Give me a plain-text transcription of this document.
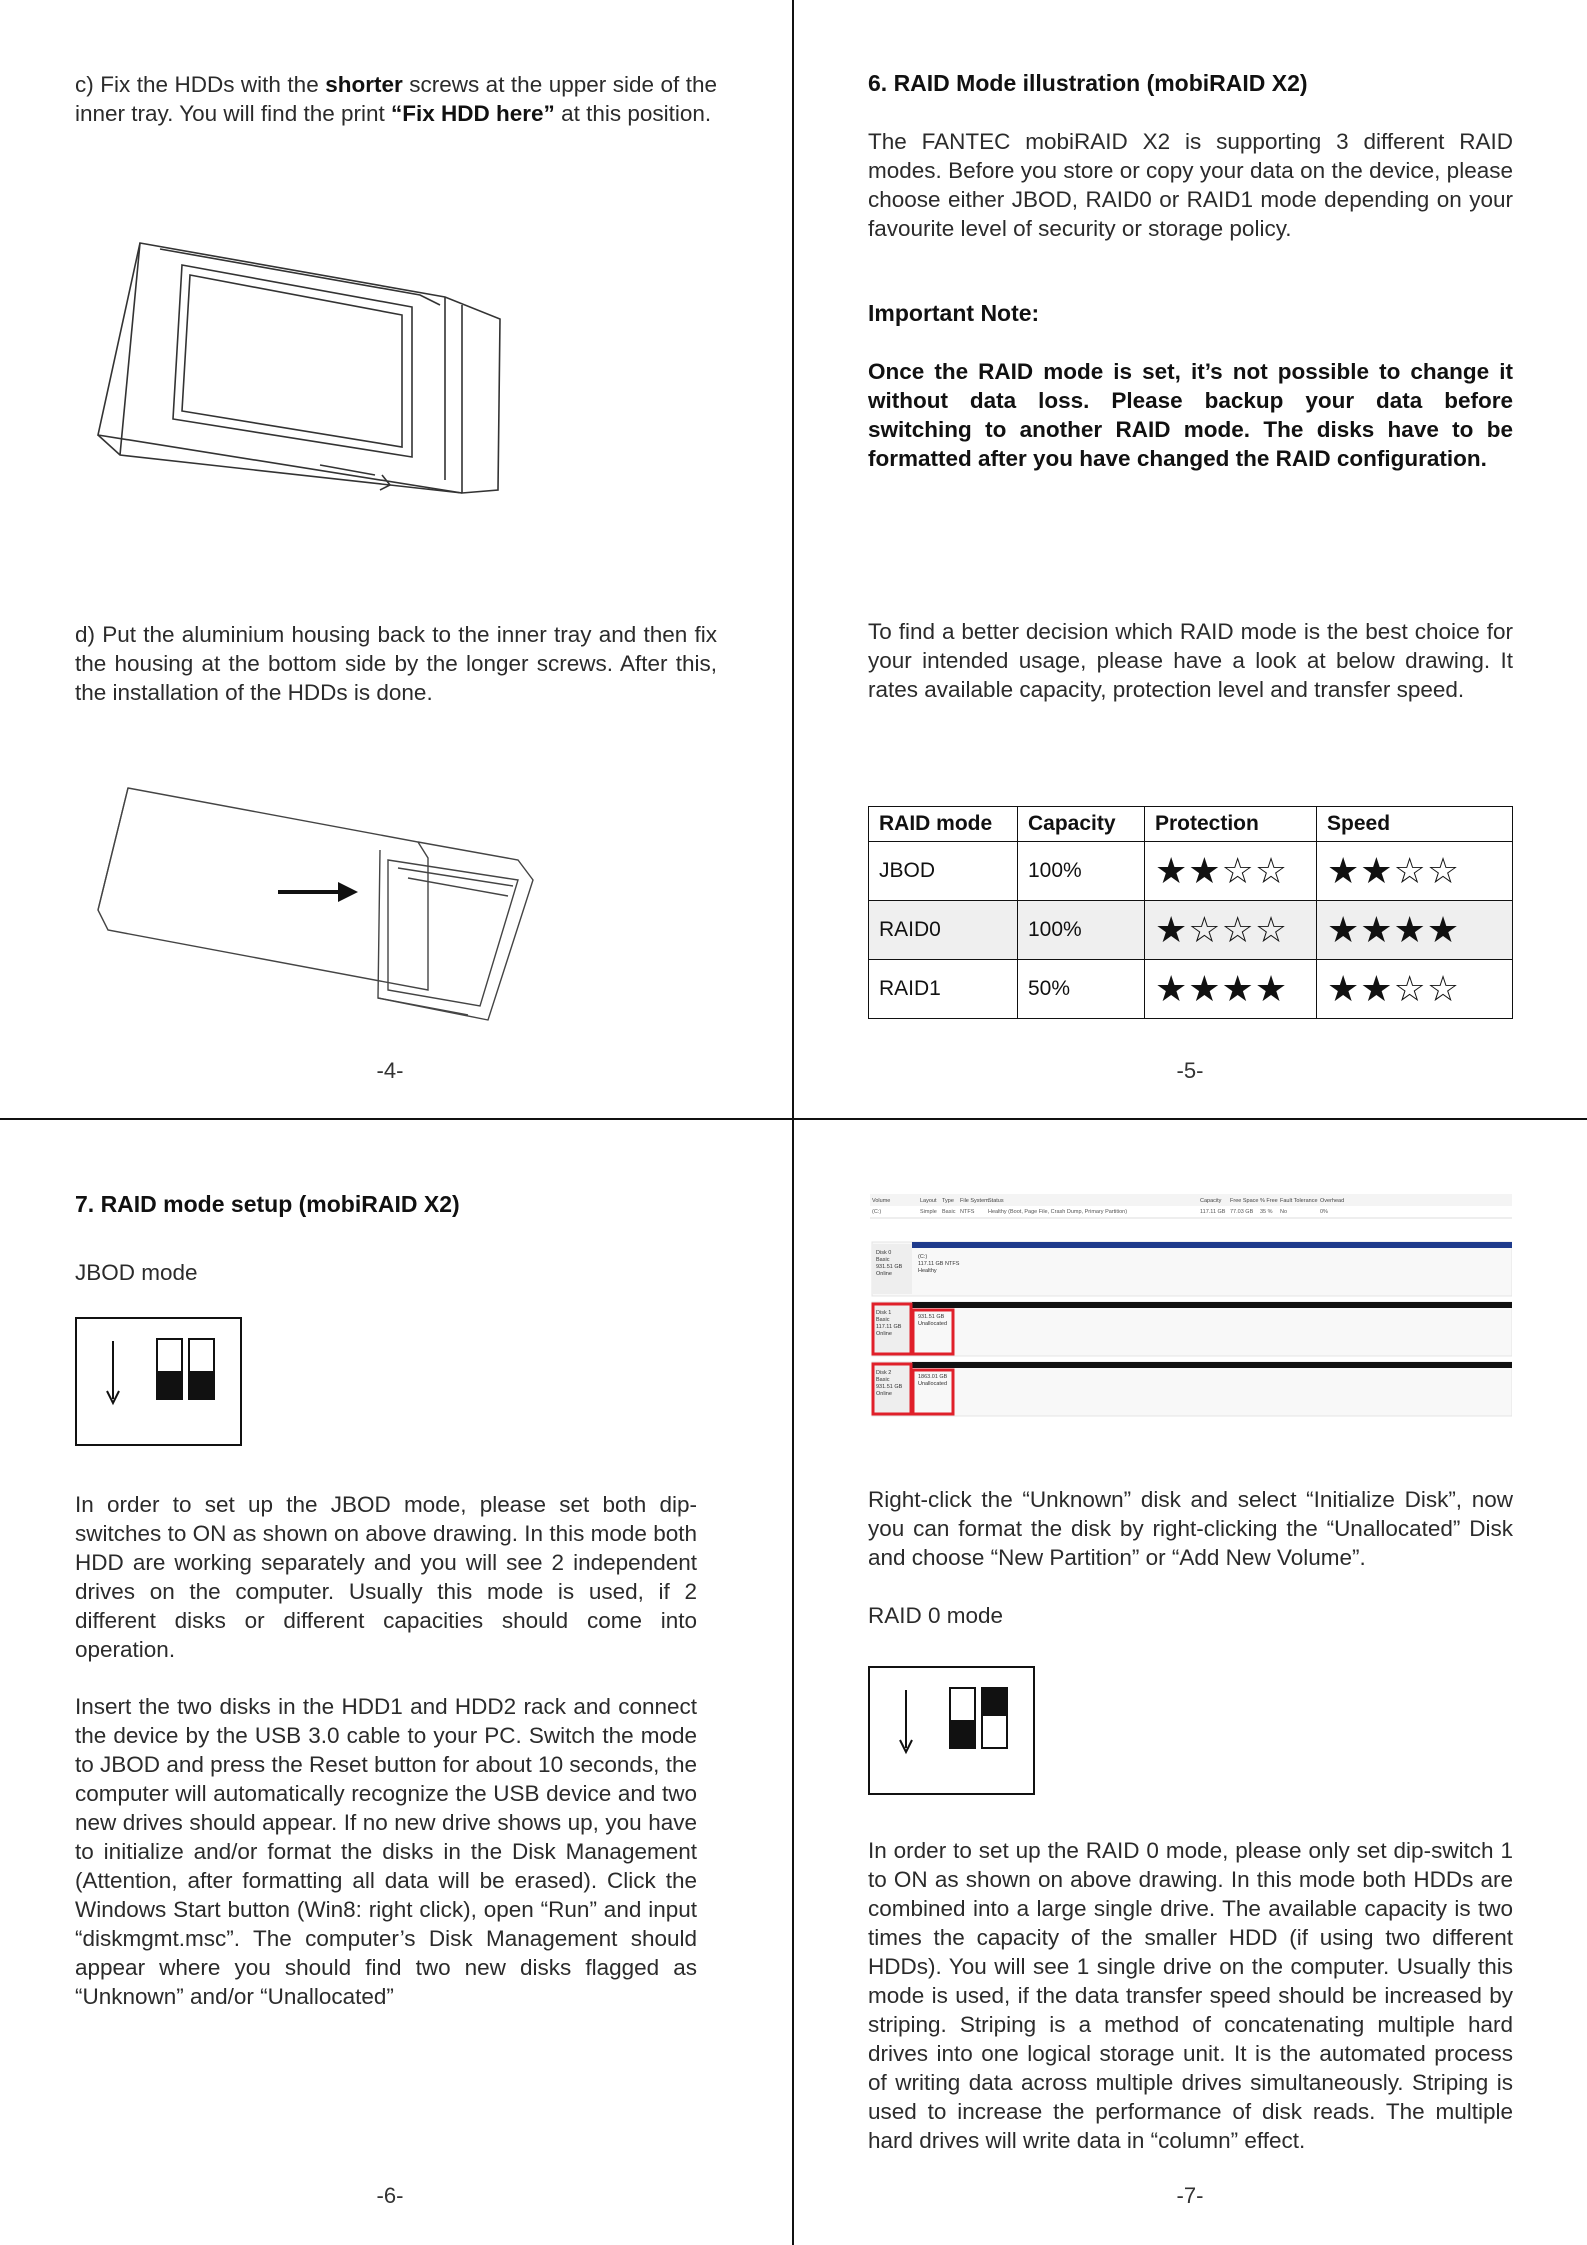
c) Fix the HDDs with the shorter screws at the upper side of the inner tray. You will find the print “Fix HDD here” at this position.
d) Put the aluminium housing back to the inner tray and then fix the housing at the bottom side by the longer screws. After this, the installation of the HDDs is done.
-4-
6. RAID Mode illustration (mobiRAID X2)
The FANTEC mobiRAID X2 is supporting 3 different RAID modes. Before you store or copy your data on the device, please choose either JBOD, RAID0 or RAID1 mode depending on your favourite level of security or storage policy.
Important Note:
Once the RAID mode is set, it’s not possible to change it without data loss. Please backup your data before switching to another RAID mode. The disks have to be formatted after you have changed the RAID configuration.
To find a better decision which RAID mode is the best choice for your intended usage, please have a look at below drawing. It rates available capacity, protection level and transfer speed.
RAID mode	Capacity	Protection	Speed
JBOD	100%	★★☆☆	★★☆☆
RAID0	100%	★☆☆☆	★★★★
RAID1	50%	★★★★	★★☆☆
-5-
7. RAID mode setup (mobiRAID X2)
JBOD mode
In order to set up the JBOD mode, please set both dip-switches to ON as shown on above drawing. In this mode both HDD are working separately and you will see 2 independent drives on the computer. Usually this mode is used, if 2 different disks or different capacities should come into operation.
Insert the two disks in the HDD1 and HDD2 rack and connect the device by the USB 3.0 cable to your PC. Switch the mode to JBOD and press the Reset button for about 10 seconds, the computer will automatically recognize the USB device and two new drives should appear. If no new drive shows up, you have to initialize and/or format the disks in the Disk Management (Attention, after formatting all data will be erased). Click the Windows Start button (Win8: right click), open “Run” and input “diskmgmt.msc”. The computer’s Disk Management should appear where you should find two new disks flagged as “Unknown” and/or “Unallocated”
-6-
Volume	Layout Type File System Status	Capacity Free Space % Free Fault Tolerance Overhead
(C:)	Simple Basic NTFS Healthy (Boot, Page File, Crash Dump, Primary Partition)	117.11 GB 77.03 GB 35 % No	0%
Disk 0
Basic
931.51 GB
Online
(C:)
117.11 GB NTFS
Healthy
Disk 1
Basic
117.11 GB
Online
931.51 GB
Unallocated
Disk 2
Basic
931.51 GB
Online
1863.01 GB
Unallocated
Right-click the “Unknown” disk and select “Initialize Disk”, now you can format the disk by right-clicking the “Unallocated” Disk and choose “New Partition” or “Add New Volume”.
RAID 0 mode
In order to set up the RAID 0 mode, please only set dip-switch 1 to ON as shown on above drawing. In this mode both HDDs are combined into a large single drive. The available capacity is two times the capacity of the smaller HDD (if using two different HDDs). You will see 1 single drive on the computer. Usually this mode is used, if the data transfer speed should be increased by striping. Striping is a method of concatenating multiple hard drives into one logical storage unit. It is the automated process of writing data across multiple drives simultaneously. Striping is used to increase the performance of disk reads. The multiple hard drives will write data in “column” effect.
-7-
